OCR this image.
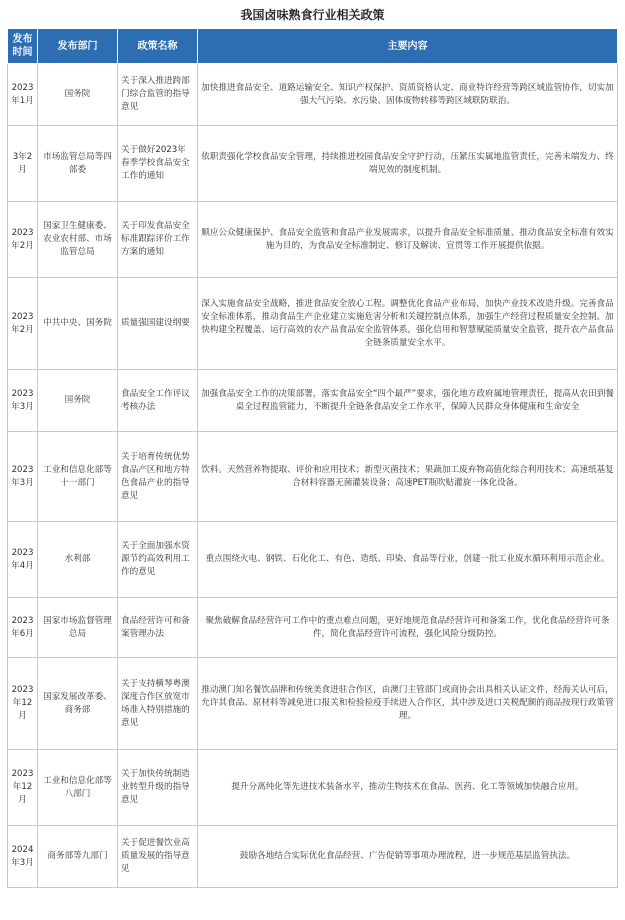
我国卤味熟食行业相关政策
发布时间	发布部门	政策名称	主要内容
2023年1月	国务院	关于深入推进跨部门综合监管的指导意见	加快推进食品安全、道路运输安全、知识产权保护、资质资格认定、商业特许经营等跨区域监管协作，切实加强大气污染、水污染、固体废物转移等跨区域联防联治。
3年2月	市场监管总局等四部委	关于做好2023年春季学校食品安全工作的通知	依职责强化学校食品安全管理，持续推进校园食品安全守护行动，压紧压实属地监管责任，完善未端发力、终端见效的制度机制。
2023年2月	国家卫生健康委、农业农村部、市场监管总局	关于印发食品安全标准跟踪评价工作方案的通知	顺应公众健康保护、食品安全监管和食品产业发展需求，以提升食品安全标准质量、推动食品安全标准有效实施为目的，为食品安全标准制定、修订及解读、宣贯等工作开展提供依据。
2023年2月	中共中央、国务院	质量强国建设纲要	深入实施食品安全战略，推进食品安全放心工程。调整优化食品产业布局，加快产业技术改造升级。完善食品安全标准体系，推动食品生产企业建立实施危害分析和关键控制点体系，加强生产经营过程质量安全控制。加快构建全程覆盖、运行高效的农产品食品安全监管体系，强化信用和智慧赋能质量安全监管，提升农产品食品全链条质量安全水平。
2023年3月	国务院	食品安全工作评议考核办法	加强食品安全工作的决策部署，落实食品安全“四个最严”要求，强化地方政府属地管理责任，提高从农田到餐桌全过程监管能力，不断提升全链条食品安全工作水平，保障人民群众身体健康和生命安全
2023年3月	工业和信息化部等十一部门	关于培育传统优势食品产区和地方特色食品产业的指导意见	饮料。天然营养物提取、评价和应用技术；新型灭菌技术；果蔬加工废弃物高值化综合利用技术；高速纸基复合材料容器无菌灌装设备；高速PET瓶吹贴灌旋一体化设备。
2023年4月	水利部	关于全面加强水资源节约高效利用工作的意见	重点围绕火电、钢铁、石化化工、有色、造纸、印染、食品等行业，创建一批工业废水循环利用示范企业。
2023年6月	国家市场监督管理总局	食品经营许可和备案管理办法	聚焦破解食品经营许可工作中的重点难点问题，更好地规范食品经营许可和备案工作，优化食品经营许可条件，简化食品经营许可流程，强化风险分级防控。
2023年12月	国家发展改革委、商务部	关于支持横琴粤澳深度合作区放宽市场准入特别措施的意见	推动澳门知名餐饮品牌和传统美食进驻合作区，由澳门主管部门或商协会出具相关认证文件，经海关认可后，允许其食品、原材料等减免进口报关和检验检疫手续进入合作区，其中涉及进口关税配额的商品按现行政策管理。
2023年12月	工业和信息化部等八部门	关于加快传统制造业转型升级的指导意见	提升分离纯化等先进技术装备水平，推动生物技术在食品、医药、化工等领域加快融合应用。
2024年3月	商务部等九部门	关于促进餐饮业高质量发展的指导意见	鼓励各地结合实际优化食品经营、广告促销等事项办理流程，进一步规范基层监管执法。
